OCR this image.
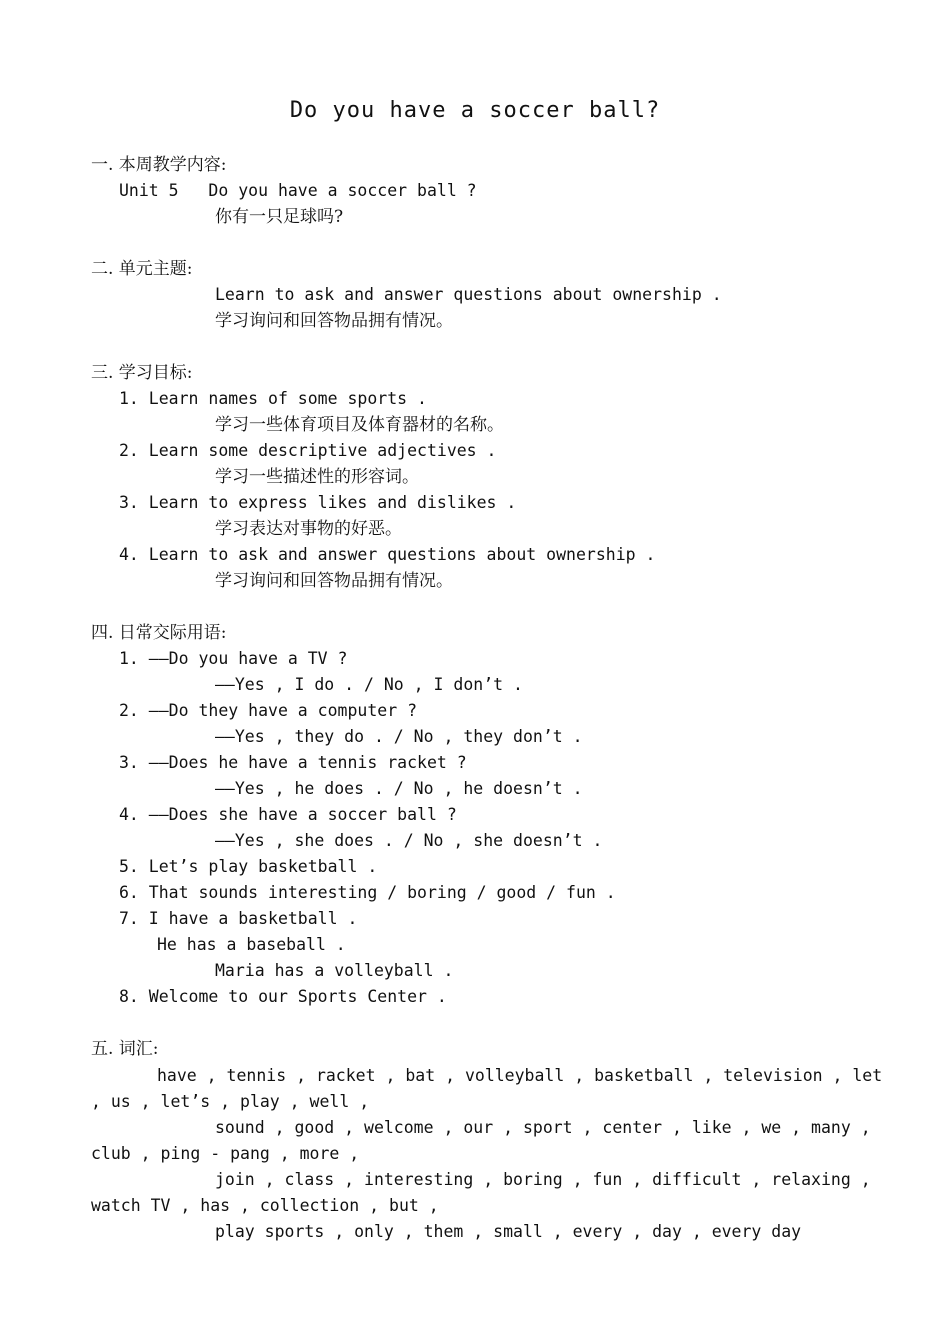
Do you have a soccer ball?
一. 本周教学内容:
Unit 5   Do you have a soccer ball ?
你有一只足球吗?
二. 单元主题:
Learn to ask and answer questions about ownership .
学习询问和回答物品拥有情况。
三. 学习目标:
1. Learn names of some sports .
学习一些体育项目及体育器材的名称。
2. Learn some descriptive adjectives .
学习一些描述性的形容词。
3. Learn to express likes and dislikes .
学习表达对事物的好恶。
4. Learn to ask and answer questions about ownership .
学习询问和回答物品拥有情况。
四. 日常交际用语:
1. ——Do you have a TV ?
——Yes , I do . / No , I don’t .
2. ——Do they have a computer ?
——Yes , they do . / No , they don’t .
3. ——Does he have a tennis racket ?
——Yes , he does . / No , he doesn’t .
4. ——Does she have a soccer ball ?
——Yes , she does . / No , she doesn’t .
5. Let’s play basketball .
6. That sounds interesting / boring / good / fun .
7. I have a basketball .
He has a baseball .
Maria has a volleyball .
8. Welcome to our Sports Center .
五. 词汇:
have , tennis , racket , bat , volleyball , basketball , television , let
, us , let’s , play , well ,
sound , good , welcome , our , sport , center , like , we , many ,
club , ping - pang , more ,
join , class , interesting , boring , fun , difficult , relaxing ,
watch TV , has , collection , but ,
play sports , only , them , small , every , day , every day
